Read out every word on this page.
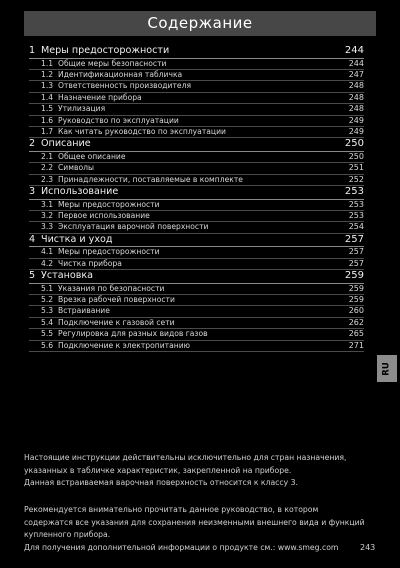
Содержание
1 Меры предосторожности	244
1.1 Общие меры безопасности	244
1.2 Идентификационная табличка	247
1.3 Ответственность производителя	248
1.4 Назначение прибора	248
1.5 Утилизация	248
1.6 Руководство по эксплуатации	249
1.7 Как читать руководство по эксплуатации	249
2 Описание	250
2.1 Общее описание	250
2.2 Символы	251
2.3 Принадлежности, поставляемые в комплекте	252
3 Использование	253
3.1 Меры предосторожности	253
3.2 Первое использование	253
3.3 Эксплуатация варочной поверхности	254
4 Чистка и уход	257
4.1 Меры предосторожности	257
4.2 Чистка прибора	257
5 Установка	259
5.1 Указания по безопасности	259
5.2 Врезка рабочей поверхности	259
5.3 Встраивание	260
5.4 Подключение к газовой сети	262
5.5 Регулировка для разных видов газов	265
5.6 Подключение к электропитанию	271
RU

Настоящие инструкции действительны исключительно для стран назначения, указанных в табличке характеристик, закрепленной на приборе.

Данная встраиваемая варочная поверхность относится к классу 3.

Рекомендуется внимательно прочитать данное руководство, в котором содержатся все указания для сохранения неизменными внешнего вида и функций купленного прибора.

Для получения дополнительной информации о продукте см.: www.smeg.com	243
